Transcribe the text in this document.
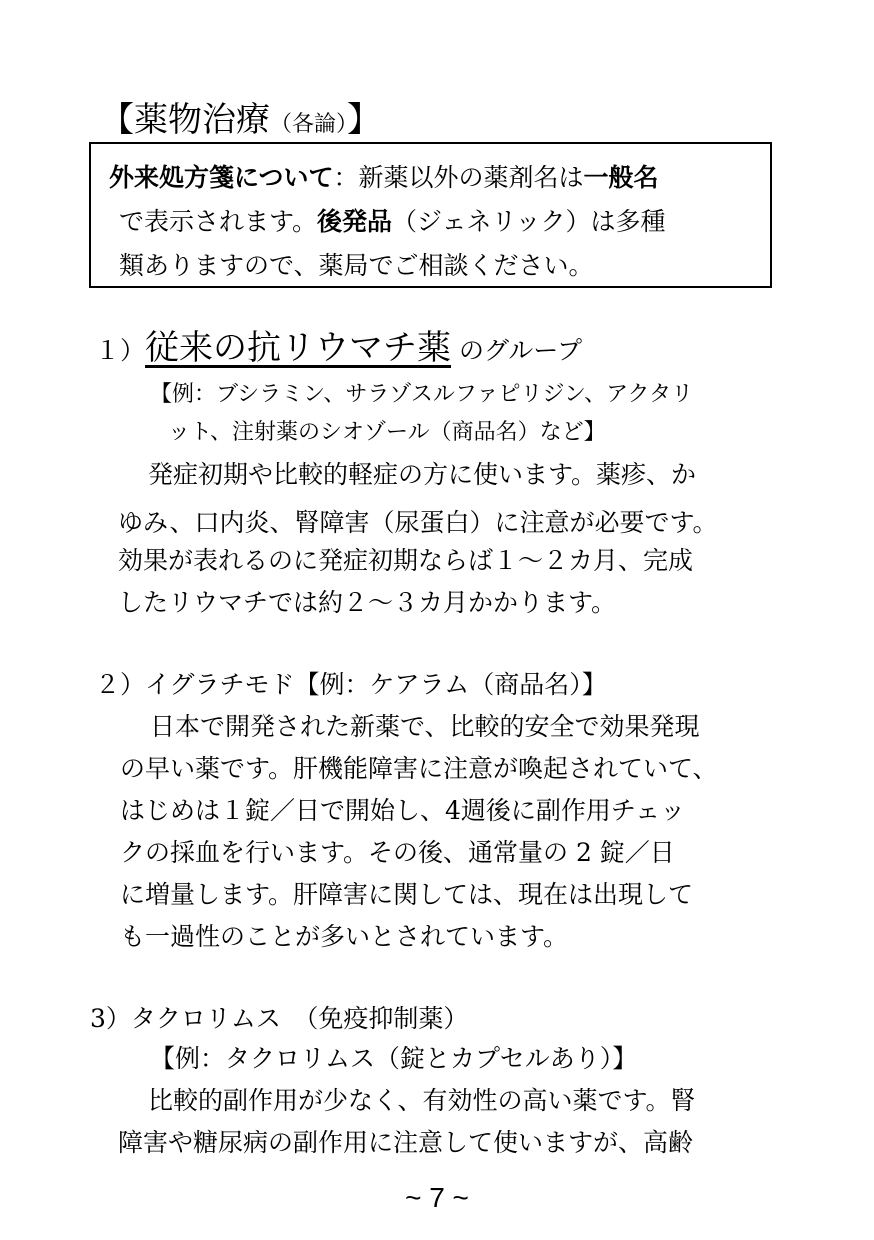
【薬物治療（各論）】
外来処方箋について：新薬以外の薬剤名は一般名
で表示されます。後発品（ジェネリック）は多種
類ありますので、薬局でご相談ください。
１）従来の抗リウマチ薬 のグループ
【例：ブシラミン、サラゾスルファピリジン、アクタリ
ット、注射薬のシオゾール（商品名）など】
発症初期や比較的軽症の方に使います。薬疹、か
ゆみ、口内炎、腎障害（尿蛋白）に注意が必要です。
効果が表れるのに発症初期ならば１～２カ月、完成
したリウマチでは約２～３カ月かかります。
２）イグラチモド【例：ケアラム（商品名）】
日本で開発された新薬で、比較的安全で効果発現
の早い薬です。肝機能障害に注意が喚起されていて、
はじめは１錠／日で開始し、4週後に副作用チェッ
クの採血を行います。その後、通常量の 2 錠／日
に増量します。肝障害に関しては、現在は出現して
も一過性のことが多いとされています。
3）タクロリムス　（免疫抑制薬）
【例：タクロリムス（錠とカプセルあり）】
比較的副作用が少なく、有効性の高い薬です。腎
障害や糖尿病の副作用に注意して使いますが、高齢
~ 7 ~
